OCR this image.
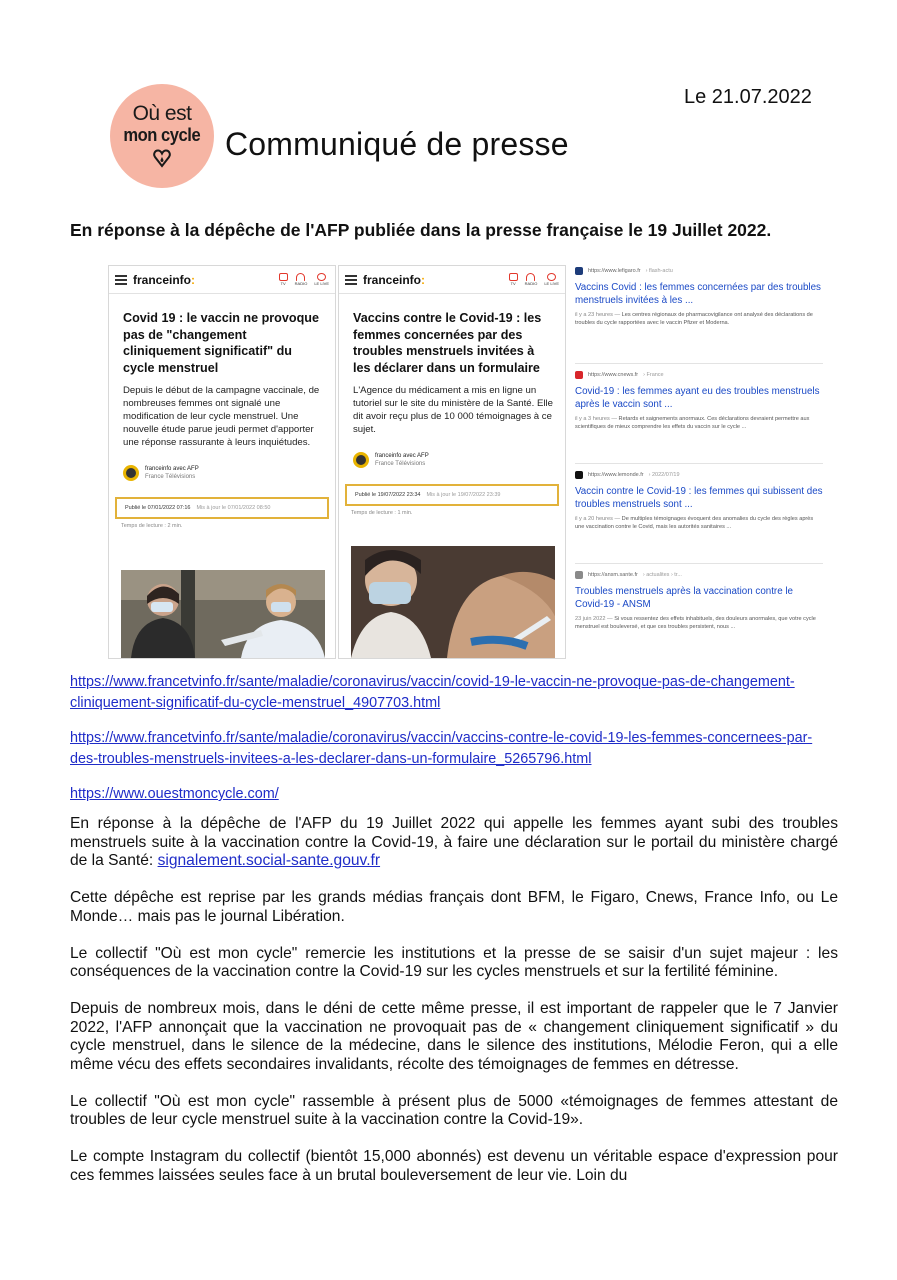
Le 21.07.2022
Où est
mon cycle Communiqué de presse
En réponse à la dépêche de l'AFP publiée dans la presse française le 19 Juillet 2022.
franceinfo:	TV RADIO LE LIVE
Covid 19 : le vaccin ne provoque pas de "changement cliniquement significatif" du cycle menstruel
Depuis le début de la campagne vaccinale, de nombreuses femmes ont signalé une modification de leur cycle menstruel. Une nouvelle étude parue jeudi permet d'apporter une réponse rassurante à leurs inquiétudes.
franceinfo avec AFP
France Télévisions
Publié le 07/01/2022 07:16 Mis à jour le 07/01/2022 08:50
Temps de lecture : 2 min.
franceinfo:	TV RADIO LE LIVE
Vaccins contre le Covid-19 : les femmes concernées par des troubles menstruels invitées à les déclarer dans un formulaire
L'Agence du médicament a mis en ligne un tutoriel sur le site du ministère de la Santé. Elle dit avoir reçu plus de 10 000 témoignages à ce sujet.
franceinfo avec AFP
France Télévisions
Publié le 19/07/2022 23:34 Mis à jour le 19/07/2022 23:39
Temps de lecture : 1 min.
https://www.lefigaro.fr › flash-actu
Vaccins Covid : les femmes concernées par des troubles menstruels invitées à les ...
il y a 23 heures — Les centres régionaux de pharmacovigilance ont analysé des déclarations de troubles du cycle rapportées avec le vaccin Pfizer et Moderna.
https://www.cnews.fr › France
Covid-19 : les femmes ayant eu des troubles menstruels après le vaccin sont ...
il y a 3 heures — Retards et saignements anormaux. Ces déclarations devraient permettre aux scientifiques de mieux comprendre les effets du vaccin sur le cycle ...
https://www.lemonde.fr › 2022/07/19
Vaccin contre le Covid-19 : les femmes qui subissent des troubles menstruels sont ...
il y a 20 heures — De multiples témoignages évoquent des anomalies du cycle des règles après une vaccination contre le Covid, mais les autorités sanitaires ...
https://ansm.sante.fr › actualites › tr...
Troubles menstruels après la vaccination contre le Covid-19 - ANSM
23 juin 2022 — Si vous ressentez des effets inhabituels, des douleurs anormales, que votre cycle menstruel est bouleversé, et que ces troubles persistent, nous ...
https://www.francetvinfo.fr/sante/maladie/coronavirus/vaccin/covid-19-le-vaccin-ne-provoque-pas-de-changement-cliniquement-significatif-du-cycle-menstruel_4907703.html
https://www.francetvinfo.fr/sante/maladie/coronavirus/vaccin/vaccins-contre-le-covid-19-les-femmes-concernees-par-des-troubles-menstruels-invitees-a-les-declarer-dans-un-formulaire_5265796.html
https://www.ouestmoncycle.com/

En réponse à la dépêche de l'AFP du 19 Juillet 2022 qui appelle les femmes ayant subi des troubles menstruels suite à la vaccination contre la Covid-19, à faire une déclaration sur le portail du ministère chargé de la Santé: signalement.social-sante.gouv.fr

Cette dépêche est reprise par les grands médias français dont BFM, le Figaro, Cnews, France Info, ou Le Monde… mais pas le journal Libération.

Le collectif "Où est mon cycle" remercie les institutions et la presse de se saisir d'un sujet majeur : les conséquences de la vaccination contre la Covid-19 sur les cycles menstruels et sur la fertilité féminine.

Depuis de nombreux mois, dans le déni de cette même presse, il est important de rappeler que le 7 Janvier 2022, l'AFP annonçait que la vaccination ne provoquait pas de « changement cliniquement significatif » du cycle menstruel, dans le silence de la médecine, dans le silence des institutions, Mélodie Feron, qui a elle même vécu des effets secondaires invalidants, récolte des témoignages de femmes en détresse.

Le collectif "Où est mon cycle" rassemble à présent plus de 5000 «témoignages de femmes attestant de troubles de leur cycle menstruel suite à la vaccination contre la Covid-19».

Le compte Instagram du collectif (bientôt 15,000 abonnés) est devenu un véritable espace d'expression pour ces femmes laissées seules face à un brutal bouleversement de leur vie. Loin du
